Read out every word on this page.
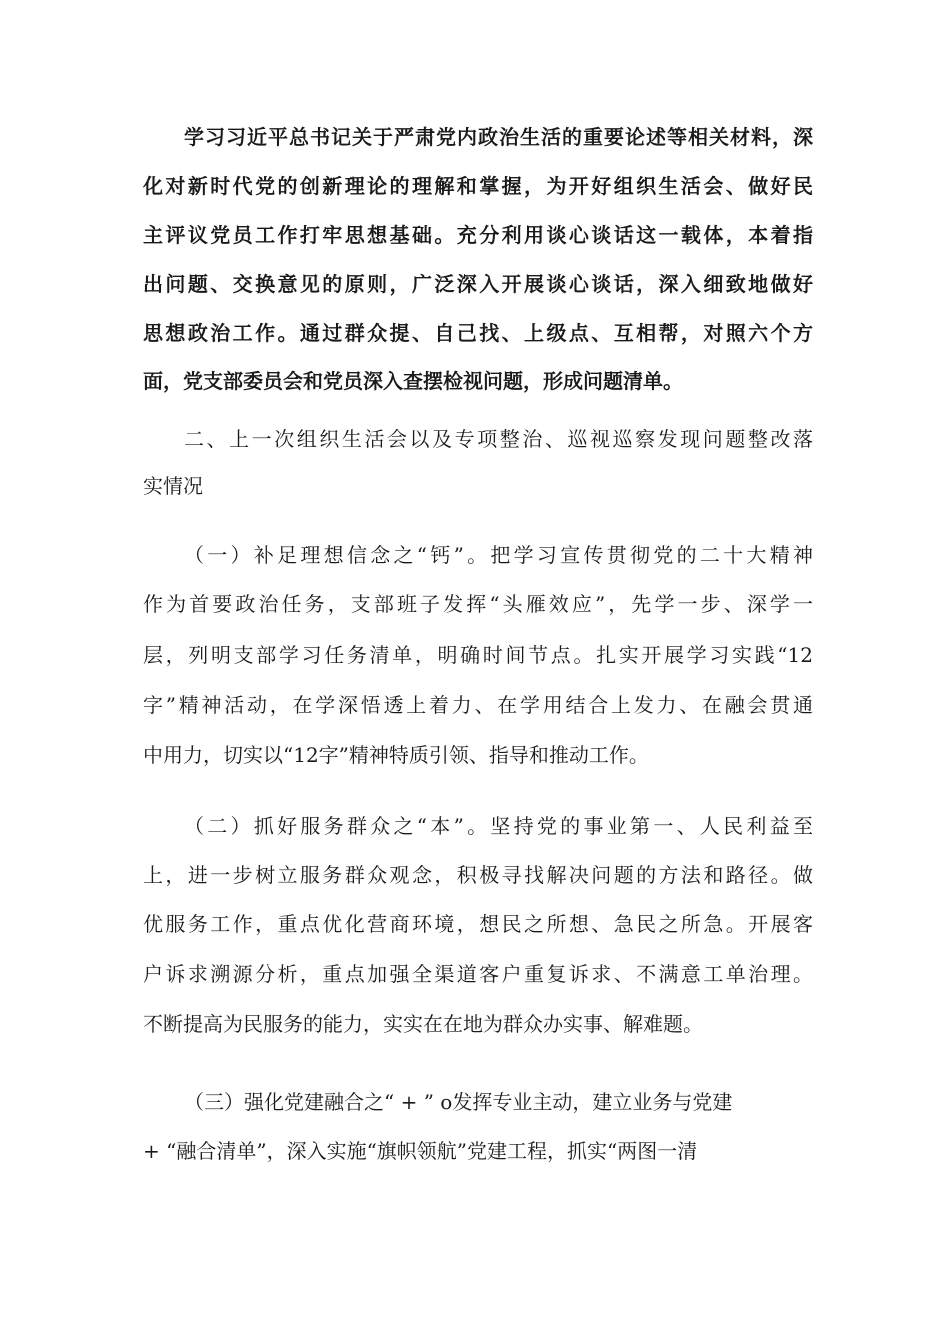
学习习近平总书记关于严肃党内政治生活的重要论述等相关材料，深
化对新时代党的创新理论的理解和掌握，为开好组织生活会、做好民
主评议党员工作打牢思想基础。充分利用谈心谈话这一载体，本着指
出问题、交换意见的原则，广泛深入开展谈心谈话，深入细致地做好
思想政治工作。通过群众提、自己找、上级点、互相帮，对照六个方
面，党支部委员会和党员深入查摆检视问题，形成问题清单。
二、上一次组织生活会以及专项整治、巡视巡察发现问题整改落
实情况
（一）补足理想信念之“钙”。把学习宣传贯彻党的二十大精神
作为首要政治任务，支部班子发挥“头雁效应”，先学一步、深学一
层，列明支部学习任务清单，明确时间节点。扎实开展学习实践“12
字”精神活动，在学深悟透上着力、在学用结合上发力、在融会贯通
中用力，切实以“12字”精神特质引领、指导和推动工作。
（二）抓好服务群众之“本”。坚持党的事业第一、人民利益至
上，进一步树立服务群众观念，积极寻找解决问题的方法和路径。做
优服务工作，重点优化营商环境，想民之所想、急民之所急。开展客
户诉求溯源分析，重点加强全渠道客户重复诉求、不满意工单治理。
不断提高为民服务的能力，实实在在地为群众办实事、解难题。
（三）强化党建融合之“ + ” o发挥专业主动，建立业务与党建
+ “融合清单”，深入实施“旗帜领航”党建工程，抓实“两图一清
